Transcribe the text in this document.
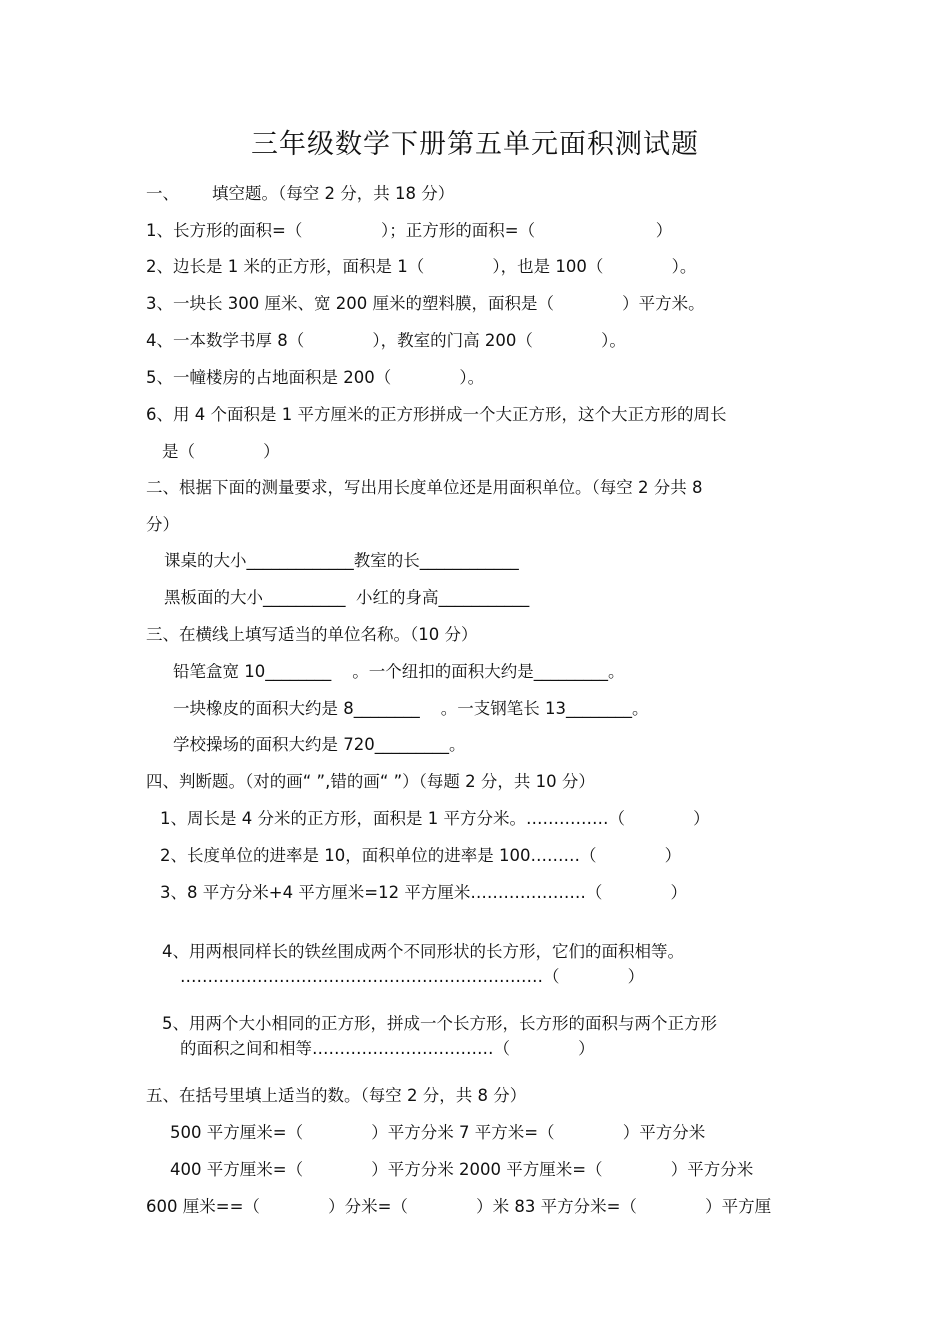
三年级数学下册第五单元面积测试题
一、 填空题。（每空 2 分，共 18 分）
1、长方形的面积=（               ）；正方形的面积=（                       ）
2、边长是 1 米的正方形，面积是 1（             ），也是 100（             ）。
3、一块长 300 厘米、宽 200 厘米的塑料膜，面积是（             ）平方米。
4、一本数学书厚 8（             ），教室的门高 200（             ）。
5、一幢楼房的占地面积是 200（             ）。
6、用 4 个面积是 1 平方厘米的正方形拼成一个大正方形，这个大正方形的周长
是（             ）
二、根据下面的测量要求，写出用长度单位还是用面积单位。（每空 2 分共 8
分）
课桌的大小_____________教室的长____________
黑板面的大小__________  小红的身高___________
三、在横线上填写适当的单位名称。（10 分）
铅笔盒宽 10________    。一个纽扣的面积大约是_________。
一块橡皮的面积大约是 8________    。一支钢笔长 13________。
学校操场的面积大约是 720_________。
四、判断题。（对的画“ ”,错的画“ ”）（每题 2 分，共 10 分）
1、周长是 4 分米的正方形，面积是 1 平方分米。……………（             ）
2、长度单位的进率是 10，面积单位的进率是 100………（             ）
3、8 平方分米+4 平方厘米=12 平方厘米…………………（             ）
4、用两根同样长的铁丝围成两个不同形状的长方形，它们的面积相等。
…………………………………………………………（             ）
5、用两个大小相同的正方形，拼成一个长方形，长方形的面积与两个正方形
的面积之间和相等……………………………（             ）
五、在括号里填上适当的数。（每空 2 分，共 8 分）
500 平方厘米=（             ）平方分米 7 平方米=（             ）平方分米
400 平方厘米=（             ）平方分米 2000 平方厘米=（             ）平方分米
600 厘米==（             ）分米=（             ）米 83 平方分米=（             ）平方厘
